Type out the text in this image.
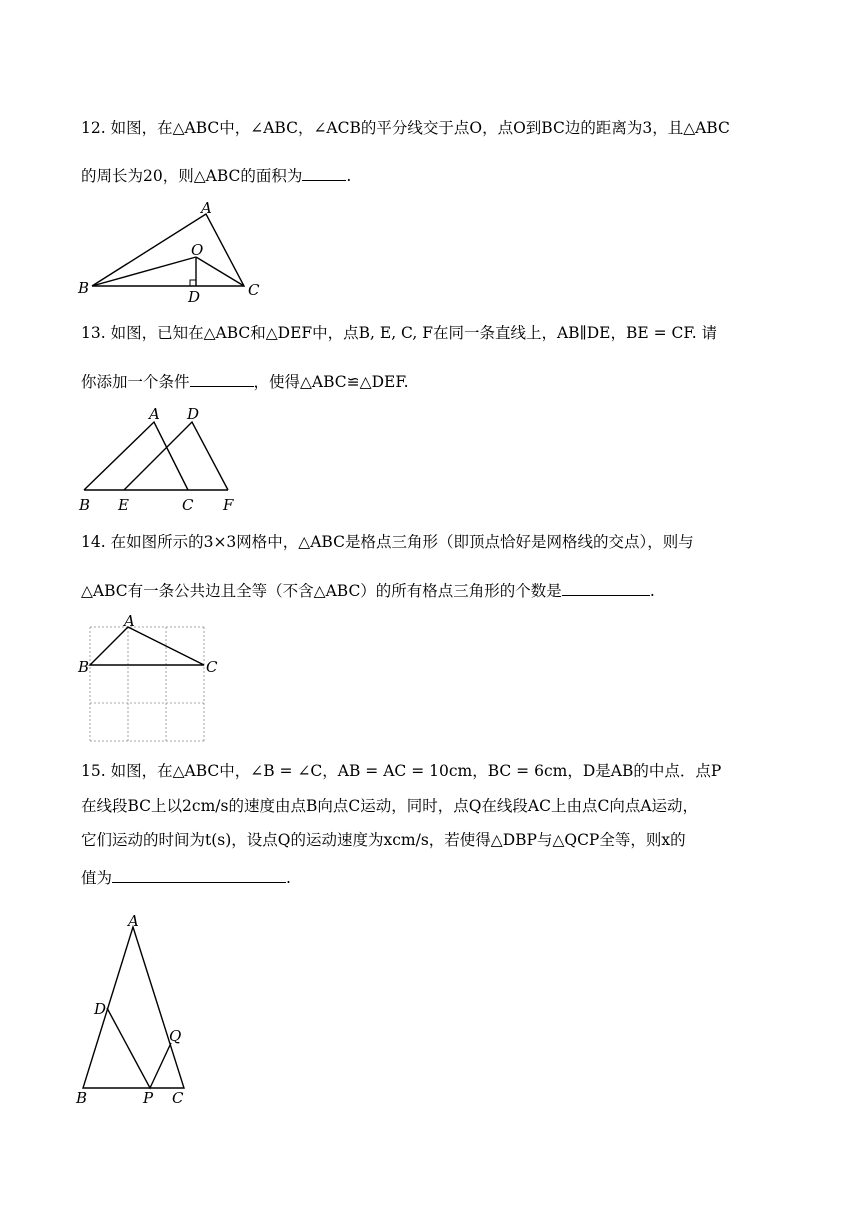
12. 如图，在△ABC中，∠ABC，∠ACB的平分线交于点O，点O到BC边的距离为3，且△ABC
的周长为20，则△ABC的面积为	.
A
B	C
D
O
13. 如图，已知在△ABC和△DEF中，点B, E, C, F在同一条直线上，AB∥DE，BE = CF. 请
你添加一个条件	，使得△ABC≌△DEF.
A D
B E	C F
14. 在如图所示的3×3网格中，△ABC是格点三角形（即顶点恰好是网格线的交点），则与
△ABC有一条公共边且全等（不含△ABC）的所有格点三角形的个数是	.
A
B	C
15. 如图，在△ABC中，∠B = ∠C，AB = AC = 10cm，BC = 6cm，D是AB的中点．点P
在线段BC上以2cm/s的速度由点B向点C运动，同时，点Q在线段AC上由点C向点A运动，
它们运动的时间为t(s)，设点Q的运动速度为xcm/s，若使得△DBP与△QCP全等，则x的
值为	.
A
D
Q
B	P C
